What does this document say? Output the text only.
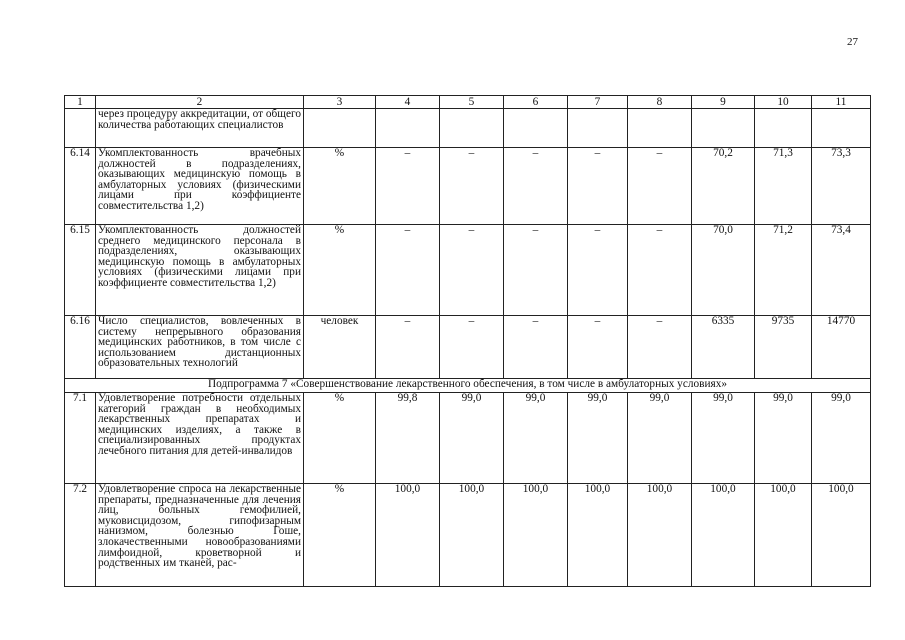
27
1	2	3	4	5	6	7	8	9	10	11
	через процедуру аккредитации, от общего количества работающих специалистов									
6.14	Укомплектованность врачебных должностей в подразделениях, оказывающих медицинскую помощь в амбулаторных условиях (физическими лицами при коэффициенте совместительства 1,2)	%	–	–	–	–	–	70,2	71,3	73,3
6.15	Укомплектованность должностей среднего медицинского персонала в подразделениях, оказывающих медицинскую помощь в амбулаторных условиях (физическими лицами при коэффициенте совместительства 1,2)	%	–	–	–	–	–	70,0	71,2	73,4
6.16	Число специалистов, вовлеченных в систему непрерывного образования медицинских работников, в том числе с использованием дистанционных образовательных технологий	человек	–	–	–	–	–	6335	9735	14770
Подпрограмма 7 «Совершенствование лекарственного обеспечения, в том числе в амбулаторных условиях»										
7.1	Удовлетворение потребности отдельных категорий граждан в необходимых лекарственных препаратах и медицинских изделиях, а также в специализированных продуктах лечебного питания для детей-инвалидов	%	99,8	99,0	99,0	99,0	99,0	99,0	99,0	99,0
7.2	Удовлетворение спроса на лекарственные препараты, предназначенные для лечения лиц, больных гемофилией, муковисцидозом, гипофизарным нанизмом, болезнью Гоше, злокачественными новообразованиями лимфоидной, кроветворной и родственных им тканей, рас-	%	100,0	100,0	100,0	100,0	100,0	100,0	100,0	100,0
